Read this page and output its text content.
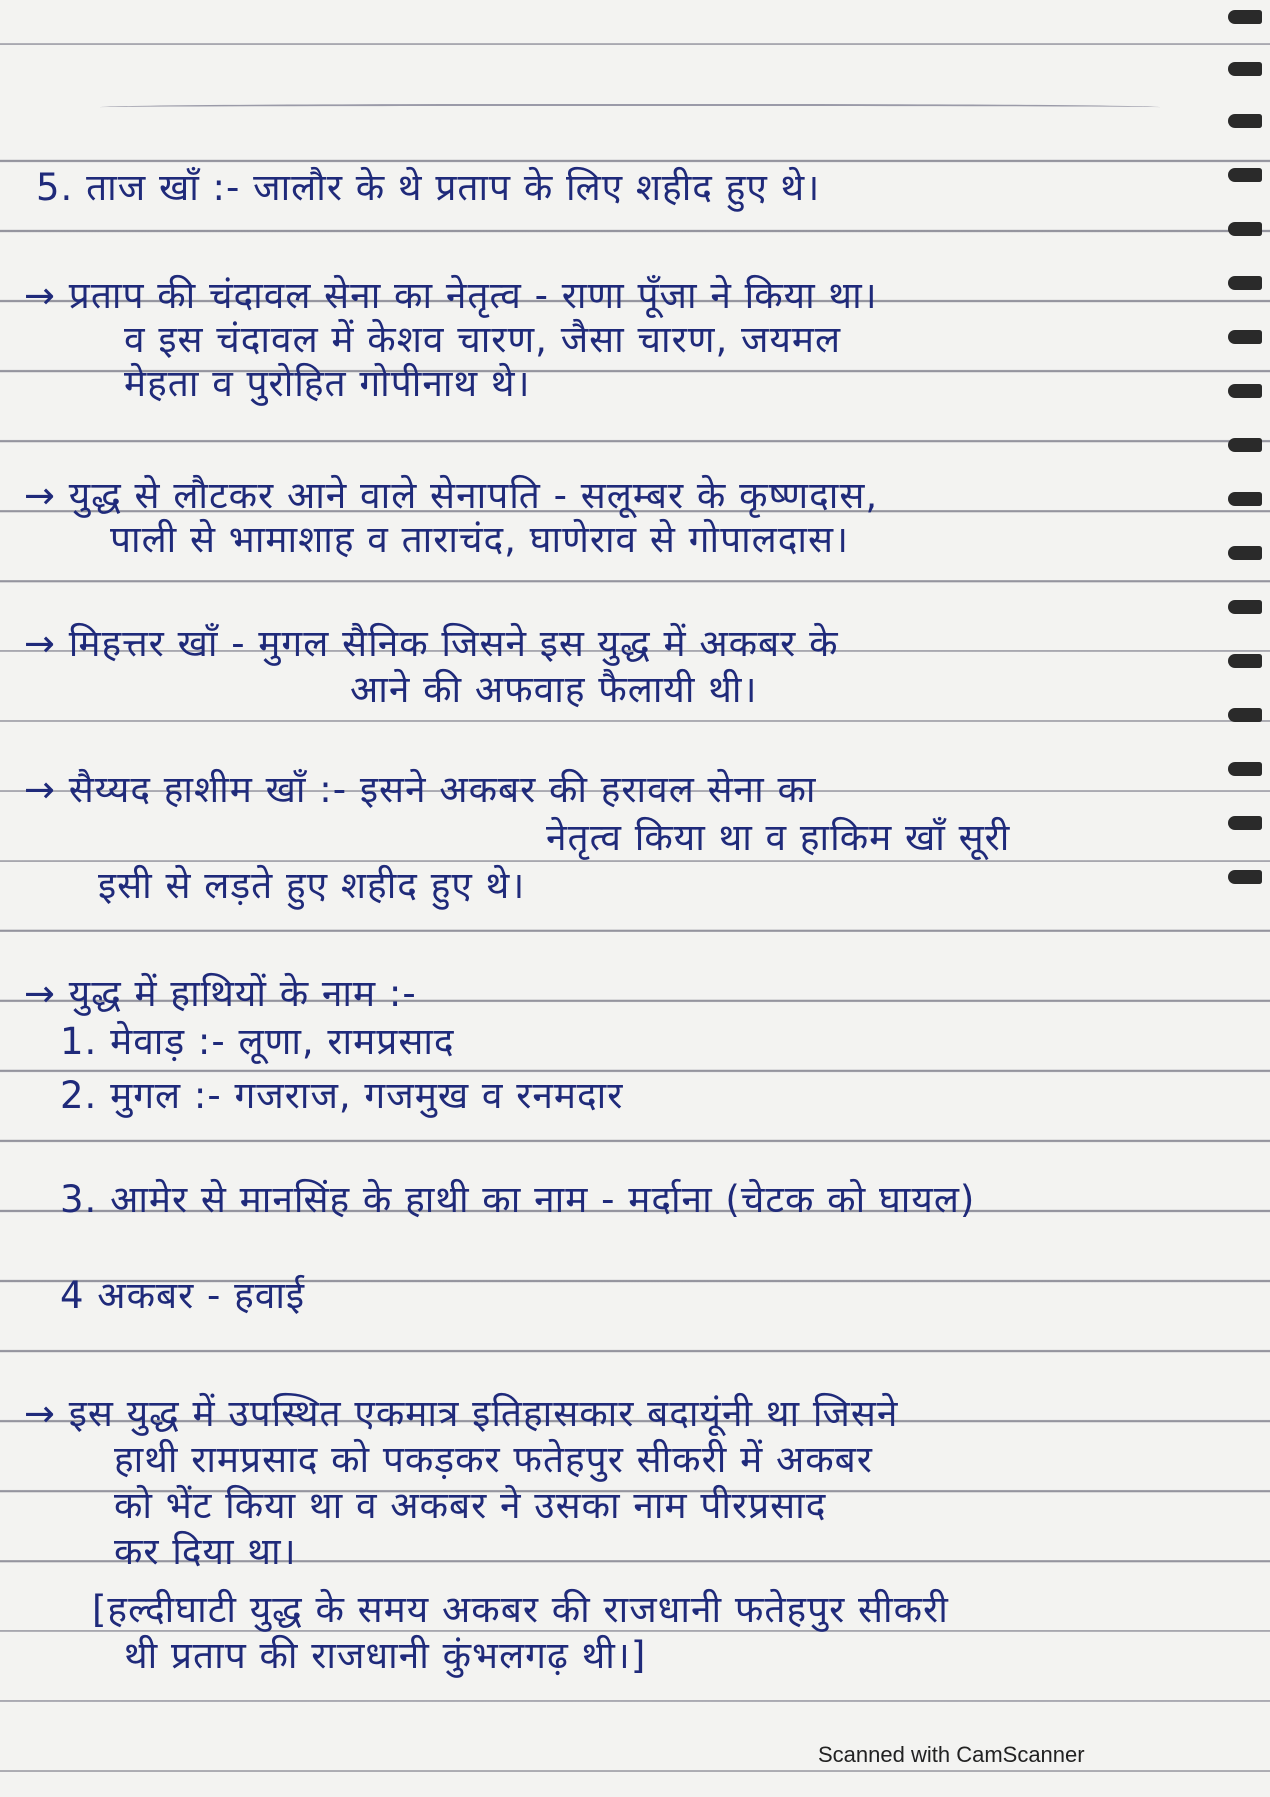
5. ताज खाँ :- जालौर के थे प्रताप के लिए शहीद हुए थे।
→ प्रताप की चंदावल सेना का नेतृत्व - राणा पूँजा ने किया था।
व इस चंदावल में केशव चारण, जैसा चारण, जयमल
मेहता व पुरोहित गोपीनाथ थे।
→ युद्ध से लौटकर आने वाले सेनापति - सलूम्बर के कृष्णदास,
पाली से भामाशाह व ताराचंद, घाणेराव से गोपालदास।
→ मिहत्तर खाँ - मुगल सैनिक जिसने इस युद्ध में अकबर के
आने की अफवाह फैलायी थी।
→ सैय्यद हाशीम खाँ :- इसने अकबर की हरावल सेना का
नेतृत्व किया था व हाकिम खाँ सूरी
इसी से लड़ते हुए शहीद हुए थे।
→ युद्ध में हाथियों के नाम :-
1. मेवाड़ :- लूणा, रामप्रसाद
2. मुगल :- गजराज, गजमुख व रनमदार
3. आमेर से मानसिंह के हाथी का नाम - मर्दाना (चेटक को घायल)
4 अकबर - हवाई
→ इस युद्ध में उपस्थित एकमात्र इतिहासकार बदायूंनी था जिसने
हाथी रामप्रसाद को पकड़कर फतेहपुर सीकरी में अकबर
को भेंट किया था व अकबर ने उसका नाम पीरप्रसाद
कर दिया था।
[हल्दीघाटी युद्ध के समय अकबर की राजधानी फतेहपुर सीकरी
थी प्रताप की राजधानी कुंभलगढ़ थी।]
Scanned with CamScanner
